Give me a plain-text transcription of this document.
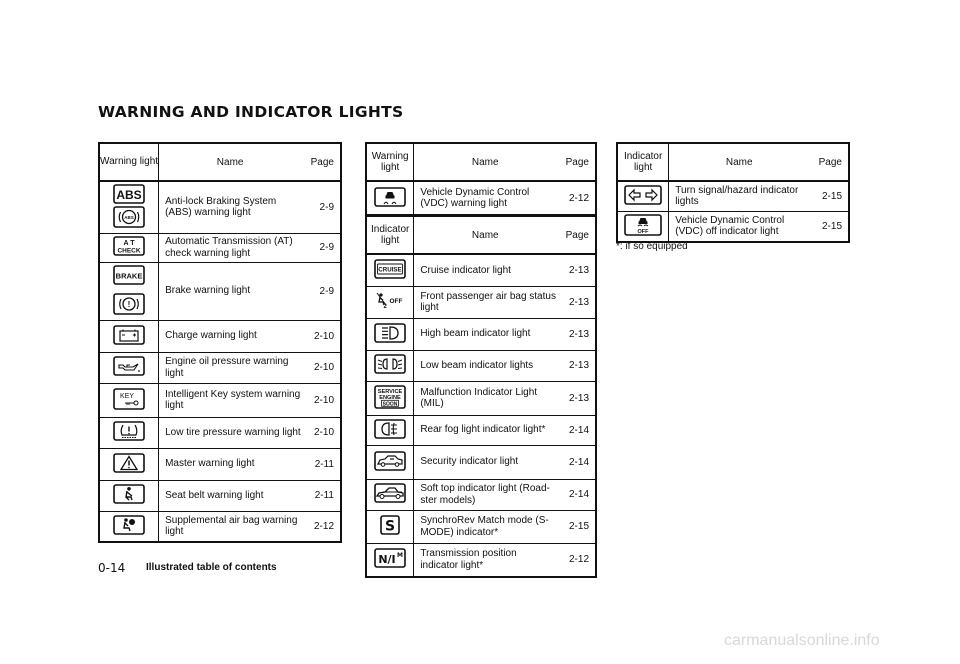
WARNING AND INDICATOR LIGHTS
Warning light	Name	Page

ABS
ABS	Anti-lock Braking System (ABS) warning light	2-9

A T
CHECK	Automatic Transmission (AT) check warning light	2-9

BRAKE
!	Brake warning light	2-9
	Charge warning light	2-10
	Engine oil pressure warning light	2-10

KEY	Intelligent Key system warning light	2-10
	Low tire pressure warning light	2-10
	Master warning light	2-11
	Seat belt warning light	2-11
	Supplemental air bag warning light	2-12
Warning light	Name	Page
	Vehicle Dynamic Control (VDC) warning light	2-12
Indicator light	Name	Page

CRUISE	Cruise indicator light	2-13

2
OFF	Front passenger air bag status light	2-13
	High beam indicator light	2-13
	Low beam indicator lights	2-13

SERVICE
ENGINE
SOON	Malfunction Indicator Light (MIL)	2-13
	Rear fog light indicator light*	2-14
	Security indicator light	2-14
	Soft top indicator light (Road-ster models)	2-14

S	SynchroRev Match mode (S-MODE) indicator*	2-15

N/I M	Transmission position indicator light*	2-12
Indicator light	Name	Page
	Turn signal/hazard indicator lights	2-15

OFF	Vehicle Dynamic Control (VDC) off indicator light	2-15
*: if so equipped
0-14 Illustrated table of contents
carmanualsonline.info
